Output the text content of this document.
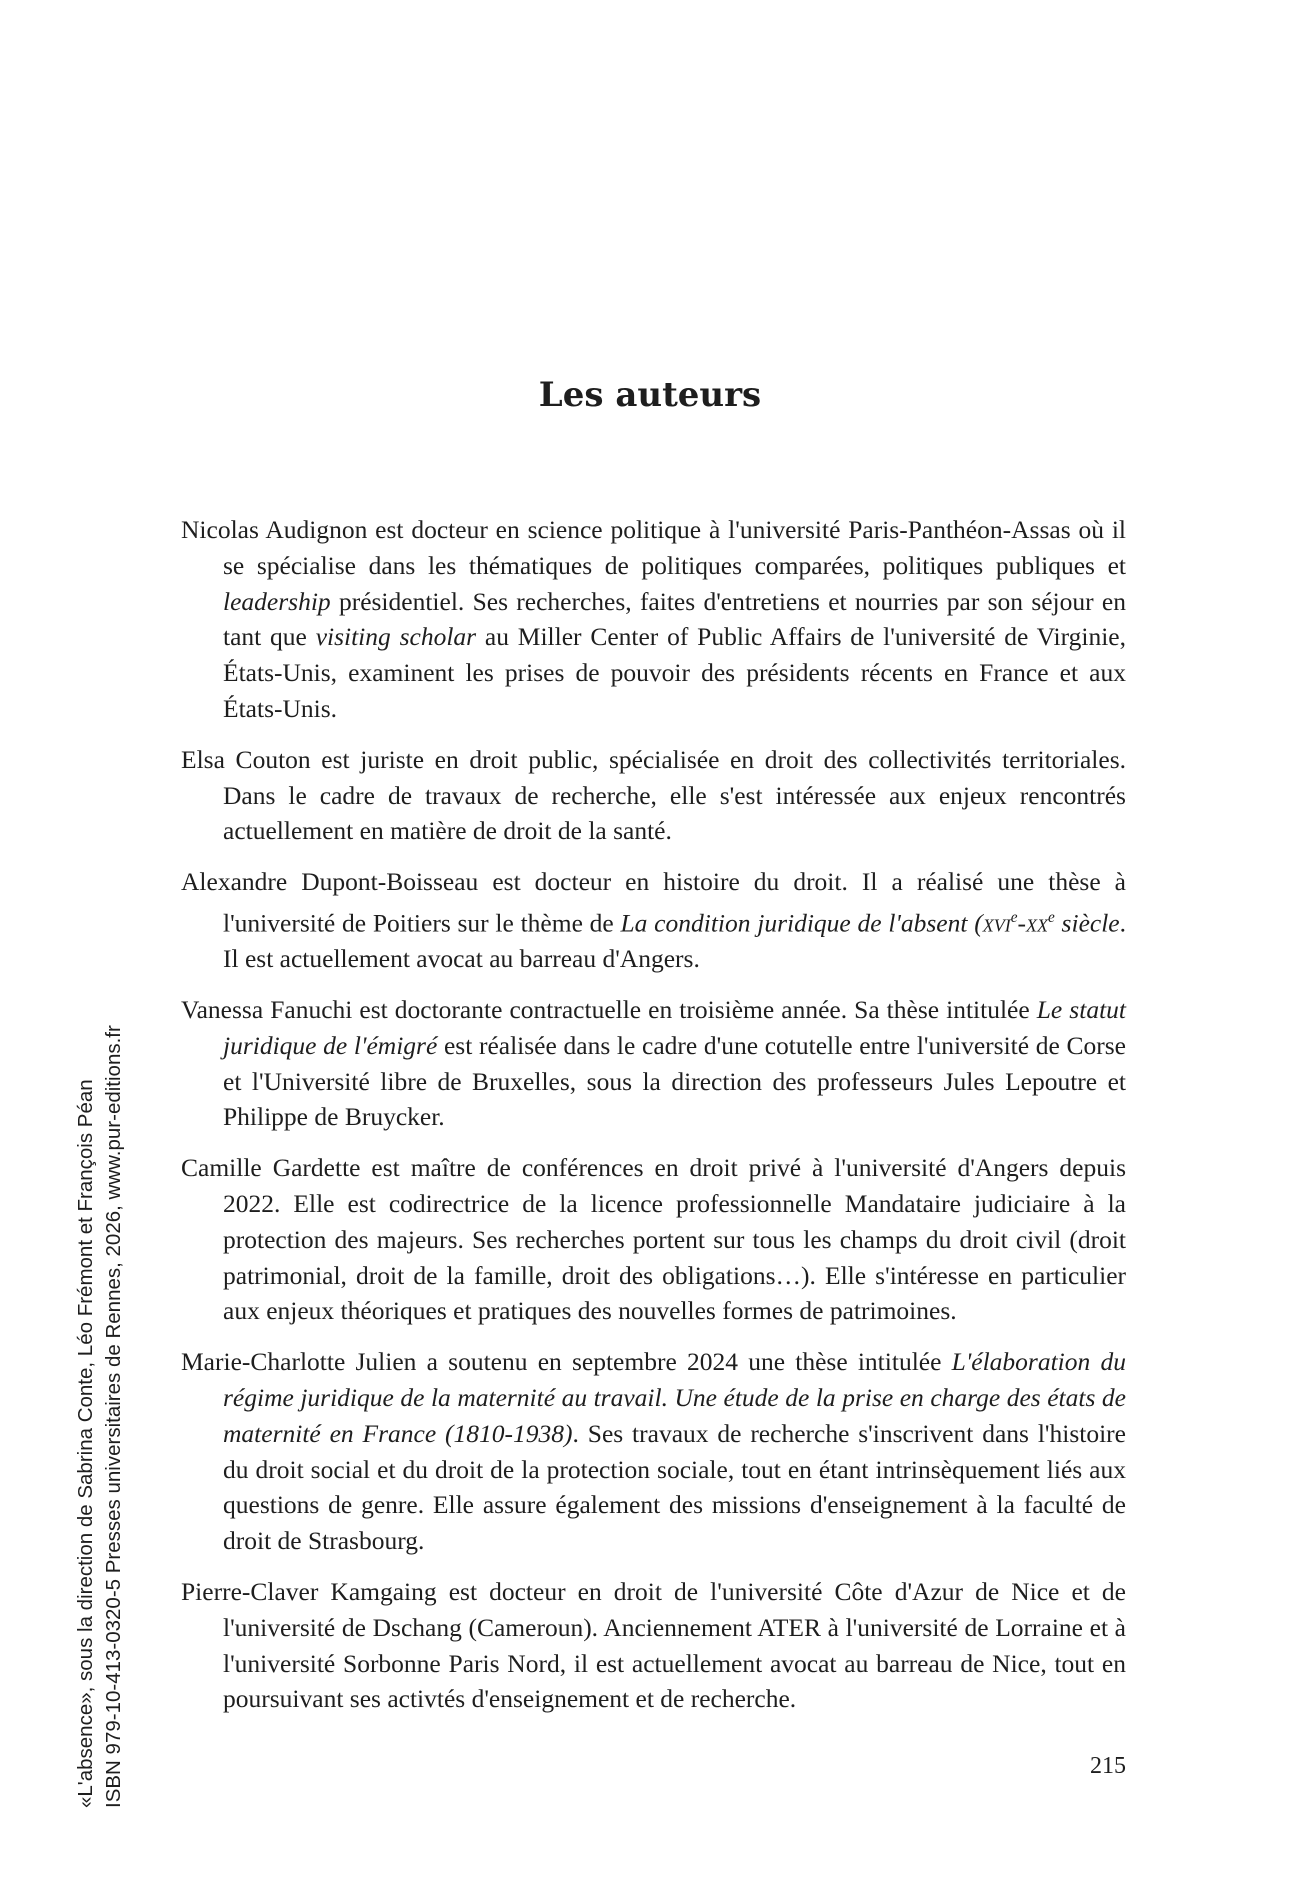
Les auteurs

Nicolas Audignon est docteur en science politique à l'université Paris-Panthéon-Assas où il se spécialise dans les thématiques de politiques comparées, politiques publiques et leadership présidentiel. Ses recherches, faites d'entretiens et nourries par son séjour en tant que visiting scholar au Miller Center of Public Affairs de l'université de Virginie, États-Unis, examinent les prises de pouvoir des présidents récents en France et aux États-Unis.

Elsa Couton est juriste en droit public, spécialisée en droit des collectivités territoriales. Dans le cadre de travaux de recherche, elle s'est intéressée aux enjeux rencontrés actuellement en matière de droit de la santé.

Alexandre Dupont-Boisseau est docteur en histoire du droit. Il a réalisé une thèse à l'université de Poitiers sur le thème de La condition juridique de l'absent ($xvi^e-xx^e$ siècle. Il est actuellement avocat au barreau d'Angers.

Vanessa Fanuchi est doctorante contractuelle en troisième année. Sa thèse intitulée Le statut juridique de l'émigré est réalisée dans le cadre d'une cotutelle entre l'université de Corse et l'Université libre de Bruxelles, sous la direction des professeurs Jules Lepoutre et Philippe de Bruycker.

Camille Gardette est maître de conférences en droit privé à l'université d'Angers depuis 2022. Elle est codirectrice de la licence professionnelle Mandataire judiciaire à la protection des majeurs. Ses recherches portent sur tous les champs du droit civil (droit patrimonial, droit de la famille, droit des obligations…). Elle s'intéresse en particulier aux enjeux théoriques et pratiques des nouvelles formes de patrimoines.

Marie-Charlotte Julien a soutenu en septembre 2024 une thèse intitulée L'élaboration du régime juridique de la maternité au travail. Une étude de la prise en charge des états de maternité en France (1810-1938). Ses travaux de recherche s'inscrivent dans l'histoire du droit social et du droit de la protection sociale, tout en étant intrinsèquement liés aux questions de genre. Elle assure également des missions d'enseignement à la faculté de droit de Strasbourg.

Pierre-Claver Kamgaing est docteur en droit de l'université Côte d'Azur de Nice et de l'université de Dschang (Cameroun). Anciennement ATER à l'université de Lorraine et à l'université Sorbonne Paris Nord, il est actuellement avocat au barreau de Nice, tout en poursuivant ses activtés d'enseignement et de recherche.

215
«L'absence», sous la direction de Sabrina Conte, Léo Frémont et François Péan ISBN 979-10-413-0320-5 Presses universitaires de Rennes, 2026, www.pur-editions.fr
